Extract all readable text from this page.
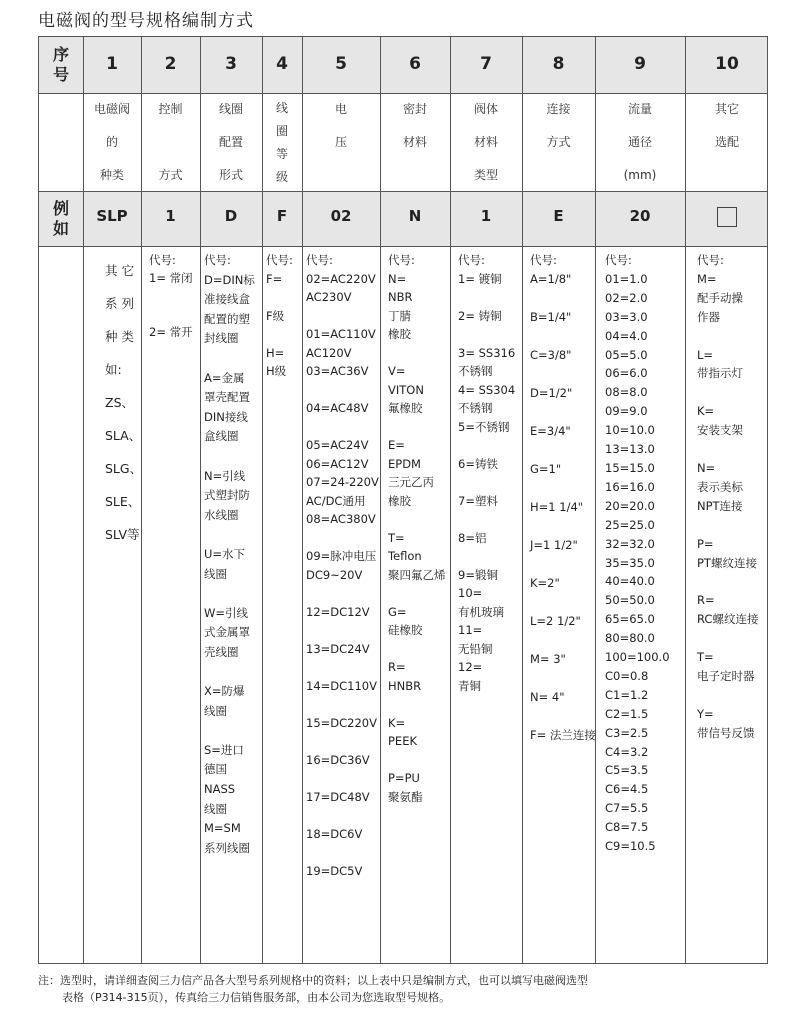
电磁阀的型号规格编制方式
序
号
例
如
1
电磁阀
的
种类
SLP
其 它
系 列
种 类
如:
ZS、
SLA、
SLG、
SLE、
SLV等
2
控制

方式
1
代号:
1= 常闭

2= 常开
3
线圈
配置
形式
D
代号:
D=DIN标
准接线盒
配置的塑
封线圈

A=金属
罩壳配置
DIN接线
盒线圈

N=引线
式塑封防
水线圈

U=水下
线圈

W=引线
式金属罩
壳线圈

X=防爆
线圈

S=进口
德国
NASS
线圈
M=SM
系列线圈
4
线
圈
等
级
F
代号:
F=

F级

H=
H级
5
电
压
02
代号:
02=AC220V
AC230V

01=AC110V
AC120V
03=AC36V

04=AC48V

05=AC24V
06=AC12V
07=24-220V
AC/DC通用
08=AC380V

09=脉冲电压
DC9~20V

12=DC12V

13=DC24V

14=DC110V

15=DC220V

16=DC36V

17=DC48V

18=DC6V

19=DC5V
6
密封
材料
N
代号:
N=
NBR
丁腈
橡胶

V=
VITON
氟橡胶

E=
EPDM
三元乙丙
橡胶

T=
Teflon
聚四氟乙烯

G=
硅橡胶

R=
HNBR

K=
PEEK

P=PU
聚氨酯
7
阀体
材料
类型
1
代号:
1= 镀铜

2= 铸铜

3= SS316
不锈钢
4= SS304
不锈钢
5=不锈钢

6=铸铁

7=塑料

8=铝

9=锻铜
10=
有机玻璃
11=
无铅铜
12=
青铜
8
连接
方式
E
代号:
A=1/8"

B=1/4"

C=3/8"

D=1/2"

E=3/4"

G=1"

H=1 1/4"

J=1 1/2"

K=2"

L=2 1/2"

M= 3"

N= 4"

F= 法兰连接
9
流量
通径
(mm)
20
代号:
01=1.0
02=2.0
03=3.0
04=4.0
05=5.0
06=6.0
08=8.0
09=9.0
10=10.0
13=13.0
15=15.0
16=16.0
20=20.0
25=25.0
32=32.0
35=35.0
40=40.0
50=50.0
65=65.0
80=80.0
100=100.0
C0=0.8
C1=1.2
C2=1.5
C3=2.5
C4=3.2
C5=3.5
C6=4.5
C7=5.5
C8=7.5
C9=10.5
10
其它
选配
代号:
M=
配手动操
作器

L=
带指示灯

K=
安装支架

N=
表示美标
NPT连接

P=
PT螺纹连接

R=
RC螺纹连接

T=
电子定时器

Y=
带信号反馈
注：选型时，请详细查阅三力信产品各大型号系列规格中的资料；以上表中只是编制方式，也可以填写电磁阀选型
表格（P314-315页），传真给三力信销售服务部，由本公司为您选取型号规格。
